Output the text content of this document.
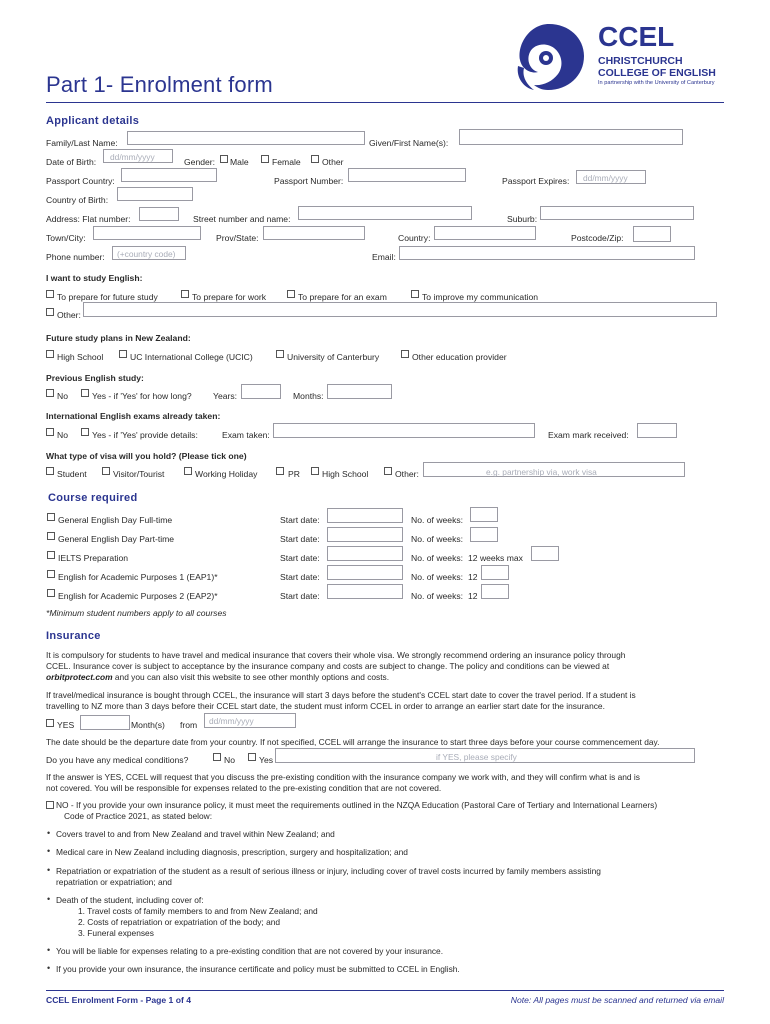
Part 1- Enrolment form
CCEL
CHRISTCHURCH
COLLEGE OF ENGLISH
In partnership with the University of Canterbury
Applicant details
Family/Last Name:	Given/First Name(s):
Date of Birth: dd/mm/yyyy	Gender: Male	Female Other
Passport Country:	Passport Number:	Passport Expires: dd/mm/yyyy
Country of Birth:
Address: Flat number:	Street number and name:	Suburb:
Town/City:	Prov/State:	Country:	Postcode/Zip:
Phone number: (+country code)	Email:
I want to study English:
To prepare for future study	To prepare for work	To prepare for an exam	To improve my communication
Other:
Future study plans in New Zealand:
High School	UC International College (UCIC)	University of Canterbury	Other education provider
Previous English study:
No	Yes - if 'Yes' for how long? Years:	Months:
International English exams already taken:
No	Yes - if 'Yes' provide details:	Exam taken:	Exam mark received:
What type of visa will you hold? (Please tick one)
Student	Visitor/Tourist	Working Holiday	PR	High School	Other:	e.g. partnership via, work visa
Course required
General English Day Full-time	Start date:	No. of weeks:
General English Day Part-time	Start date:	No. of weeks:
IELTS Preparation	Start date:	No. of weeks: 12 weeks max
English for Academic Purposes 1 (EAP1)*	Start date:	No. of weeks: 12
English for Academic Purposes 2 (EAP2)*	Start date:	No. of weeks: 12
*Minimum student numbers apply to all courses
Insurance
It is compulsory for students to have travel and medical insurance that covers their whole visa. We strongly recommend ordering an insurance policy through
CCEL. Insurance cover is subject to acceptance by the insurance company and costs are subject to change. The policy and conditions can be viewed at
orbitprotect.com and you can also visit this website to see other monthly options and costs.
If travel/medical insurance is bought through CCEL, the insurance will start 3 days before the student's CCEL start date to cover the travel period. If a student is
travelling to NZ more than 3 days before their CCEL start date, the student must inform CCEL in order to arrange an earlier start date for the insurance.
YES	Month(s) from dd/mm/yyyy
The date should be the departure date from your country. If not specified, CCEL will arrange the insurance to start three days before your course commencement day.
Do you have any medical conditions?	No	Yes	if YES, please specify
If the answer is YES, CCEL will request that you discuss the pre-existing condition with the insurance company we work with, and they will confirm what is and is
not covered. You will be responsible for expenses related to the pre-existing condition that are not covered.
NO - If you provide your own insurance policy, it must meet the requirements outlined in the NZQA Education (Pastoral Care of Tertiary and International Learners)
Code of Practice 2021, as stated below:
• Covers travel to and from New Zealand and travel within New Zealand; and
• Medical care in New Zealand including diagnosis, prescription, surgery and hospitalization; and
• Repatriation or expatriation of the student as a result of serious illness or injury, including cover of travel costs incurred by family members assisting
repatriation or expatriation; and
• Death of the student, including cover of:
1. Travel costs of family members to and from New Zealand; and
2. Costs of repatriation or expatriation of the body; and
3. Funeral expenses
• You will be liable for expenses relating to a pre-existing condition that are not covered by your insurance.
• If you provide your own insurance, the insurance certificate and policy must be submitted to CCEL in English.
CCEL Enrolment Form - Page 1 of 4	Note: All pages must be scanned and returned via email
